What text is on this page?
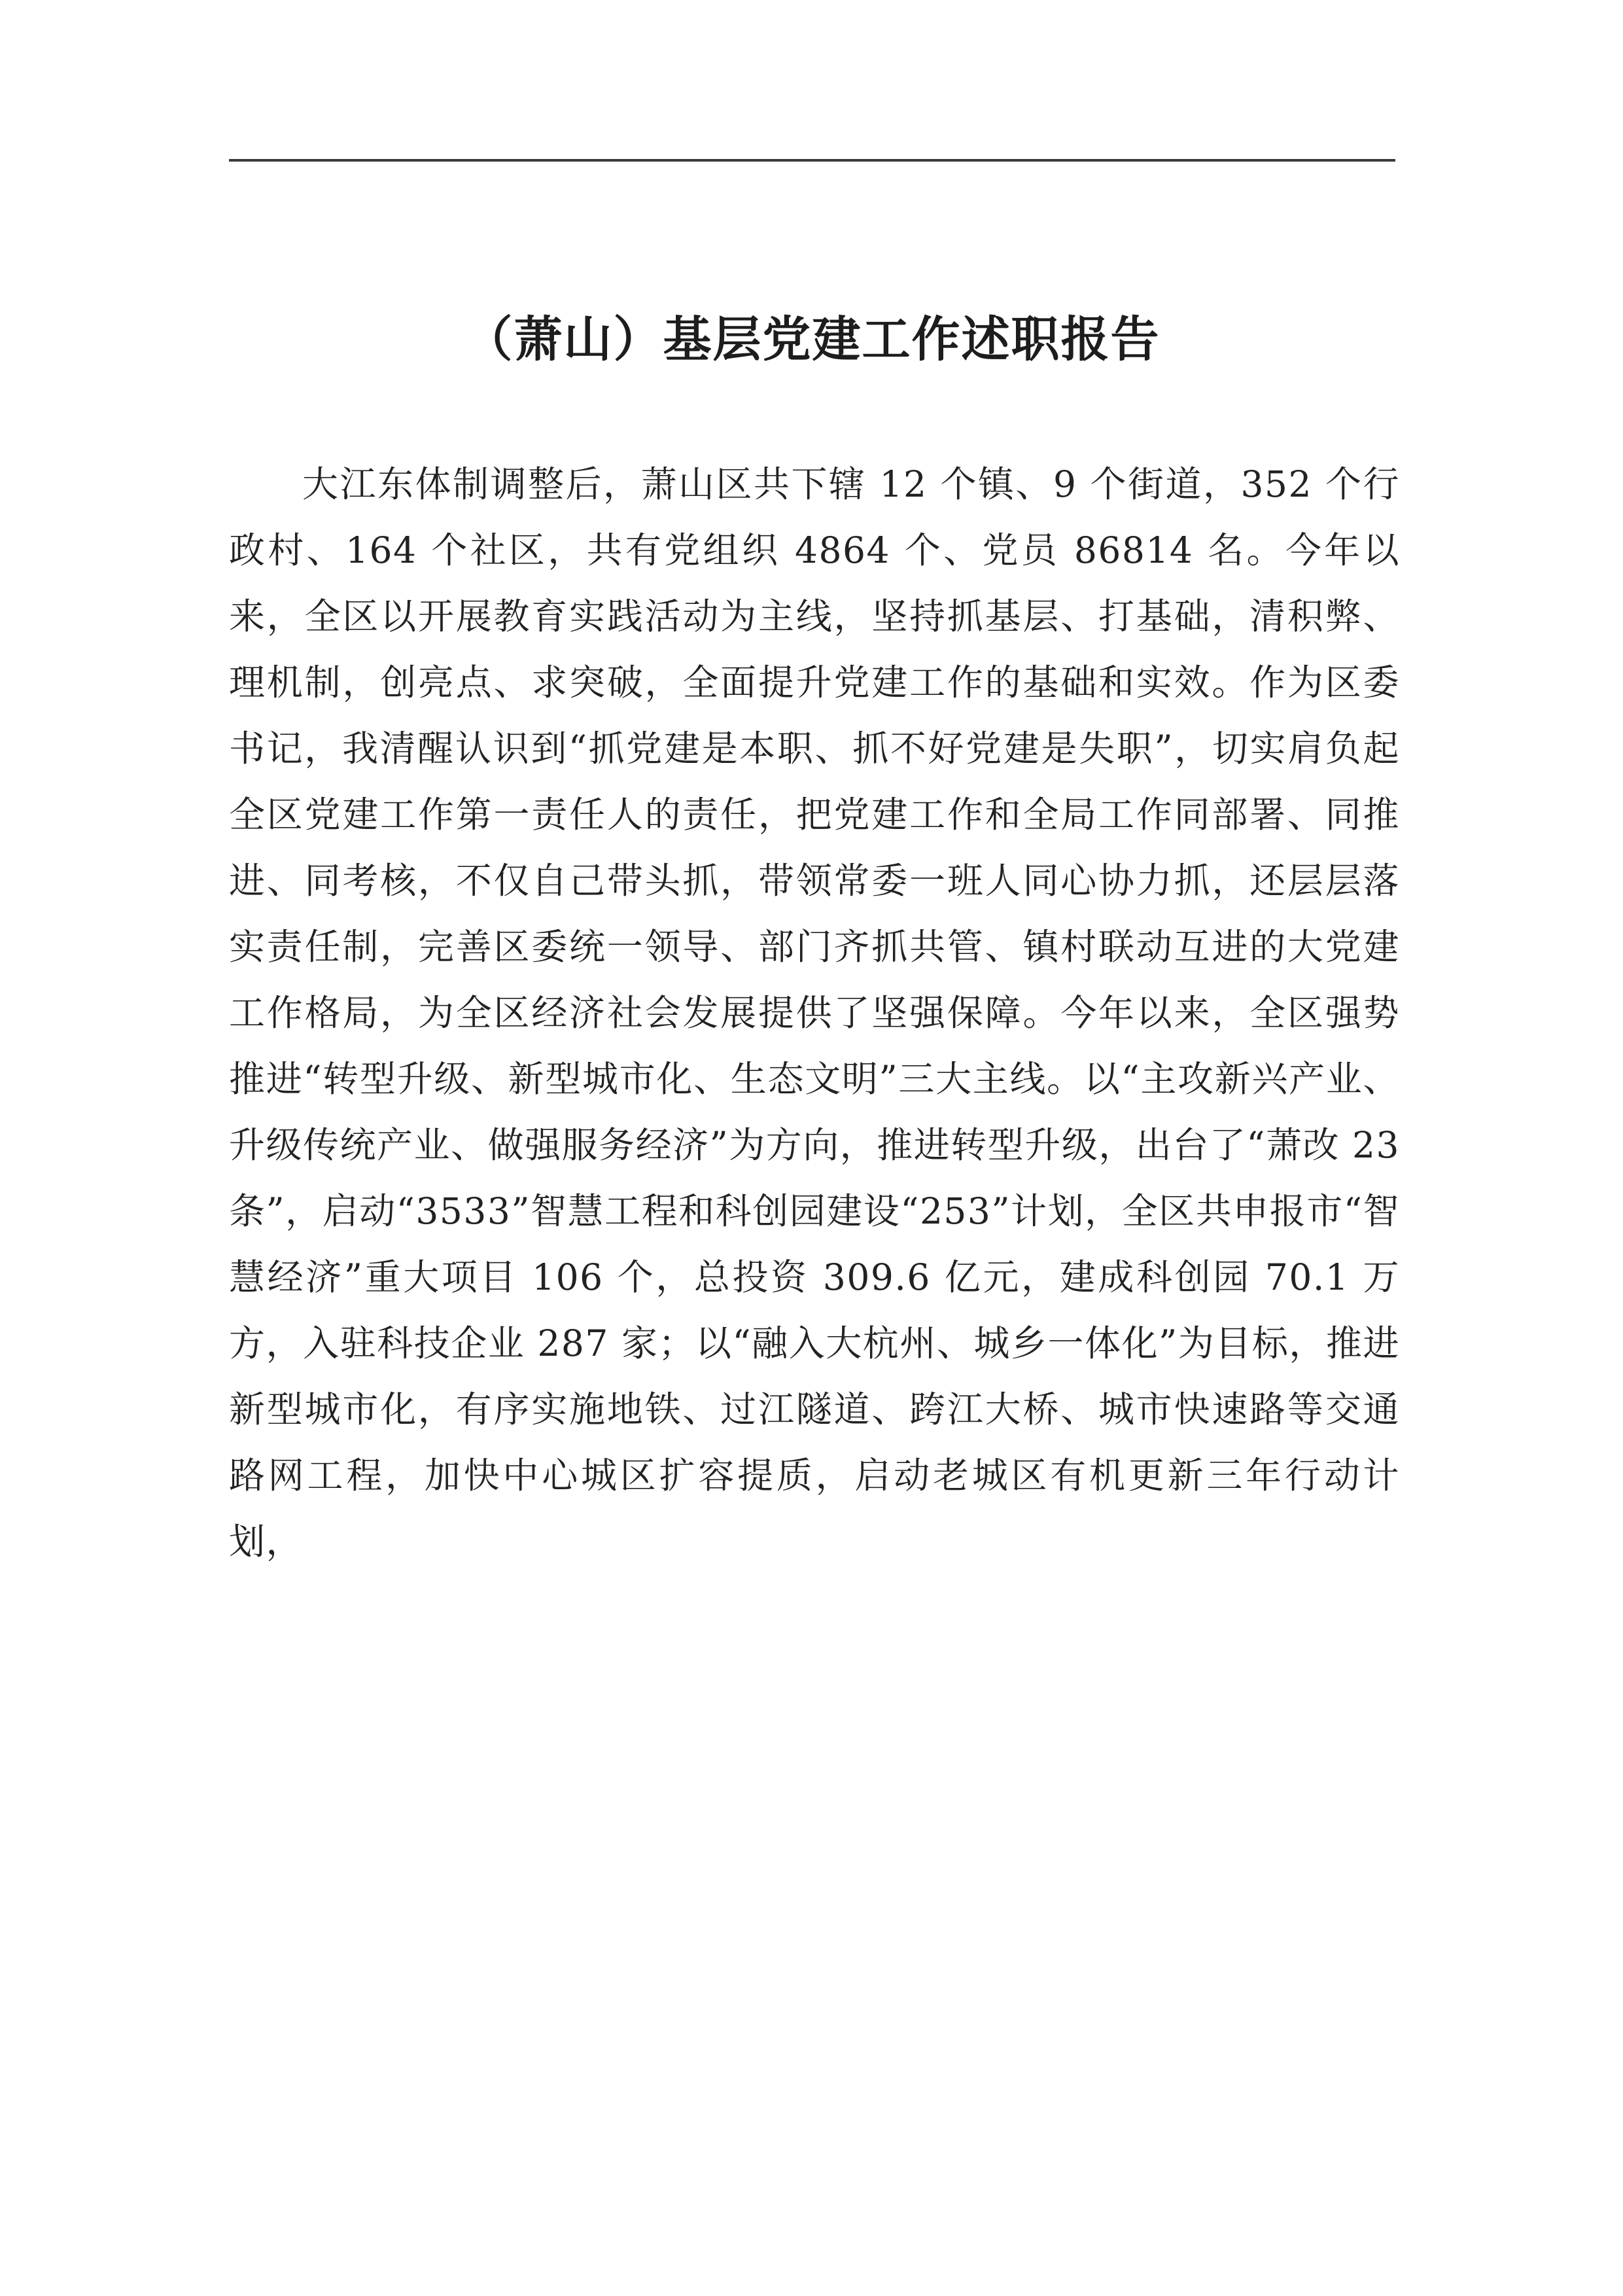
（萧山）基层党建工作述职报告

大江东体制调整后，萧山区共下辖 12 个镇、9 个街道，352 个行政村、164 个社区，共有党组织 4864 个、党员 86814 名。今年以来，全区以开展教育实践活动为主线，坚持抓基层、打基础，清积弊、理机制，创亮点、求突破，全面提升党建工作的基础和实效。作为区委书记，我清醒认识到“抓党建是本职、抓不好党建是失职”，切实肩负起全区党建工作第一责任人的责任，把党建工作和全局工作同部署、同推进、同考核，不仅自己带头抓，带领常委一班人同心协力抓，还层层落实责任制，完善区委统一领导、部门齐抓共管、镇村联动互进的大党建工作格局，为全区经济社会发展提供了坚强保障。今年以来，全区强势推进“转型升级、新型城市化、生态文明”三大主线。以“主攻新兴产业、升级传统产业、做强服务经济”为方向，推进转型升级，出台了“萧改 23 条”，启动“3533”智慧工程和科创园建设“253”计划，全区共申报市“智慧经济”重大项目 106 个，总投资 309.6 亿元，建成科创园 70.1 万方，入驻科技企业 287 家；以“融入大杭州、城乡一体化”为目标，推进新型城市化，有序实施地铁、过江隧道、跨江大桥、城市快速路等交通路网工程，加快中心城区扩容提质，启动老城区有机更新三年行动计划，
